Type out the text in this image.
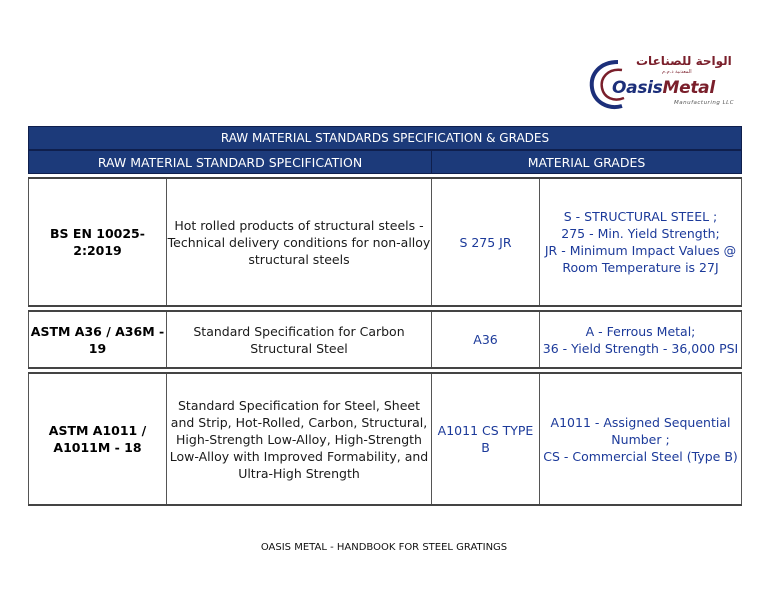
الواحة للصناعات
المعدنية ذ.م.م
OasisMetal
Manufacturing LLC
RAW MATERIAL STANDARDS SPECIFICATION & GRADES			
RAW MATERIAL STANDARD SPECIFICATION		MATERIAL GRADES	

BS EN 10025-2:2019	Hot rolled products of structural steels - Technical delivery conditions for non-alloy structural steels	S 275 JR	S - STRUCTURAL STEEL ;
275 - Min. Yield Strength;
JR - Minimum Impact Values @ Room Temperature is 27J

ASTM A36 / A36M - 19	Standard Specification for Carbon Structural Steel	A36	A - Ferrous Metal;
36 - Yield Strength - 36,000 PSI

ASTM A1011 / A1011M - 18	Standard Specification for Steel, Sheet and Strip, Hot-Rolled, Carbon, Structural, High-Strength Low-Alloy, High-Strength Low-Alloy with Improved Formability, and Ultra-High Strength	A1011 CS TYPE B	A1011 - Assigned Sequential Number ;
CS - Commercial Steel (Type B)
OASIS METAL - HANDBOOK FOR STEEL GRATINGS
